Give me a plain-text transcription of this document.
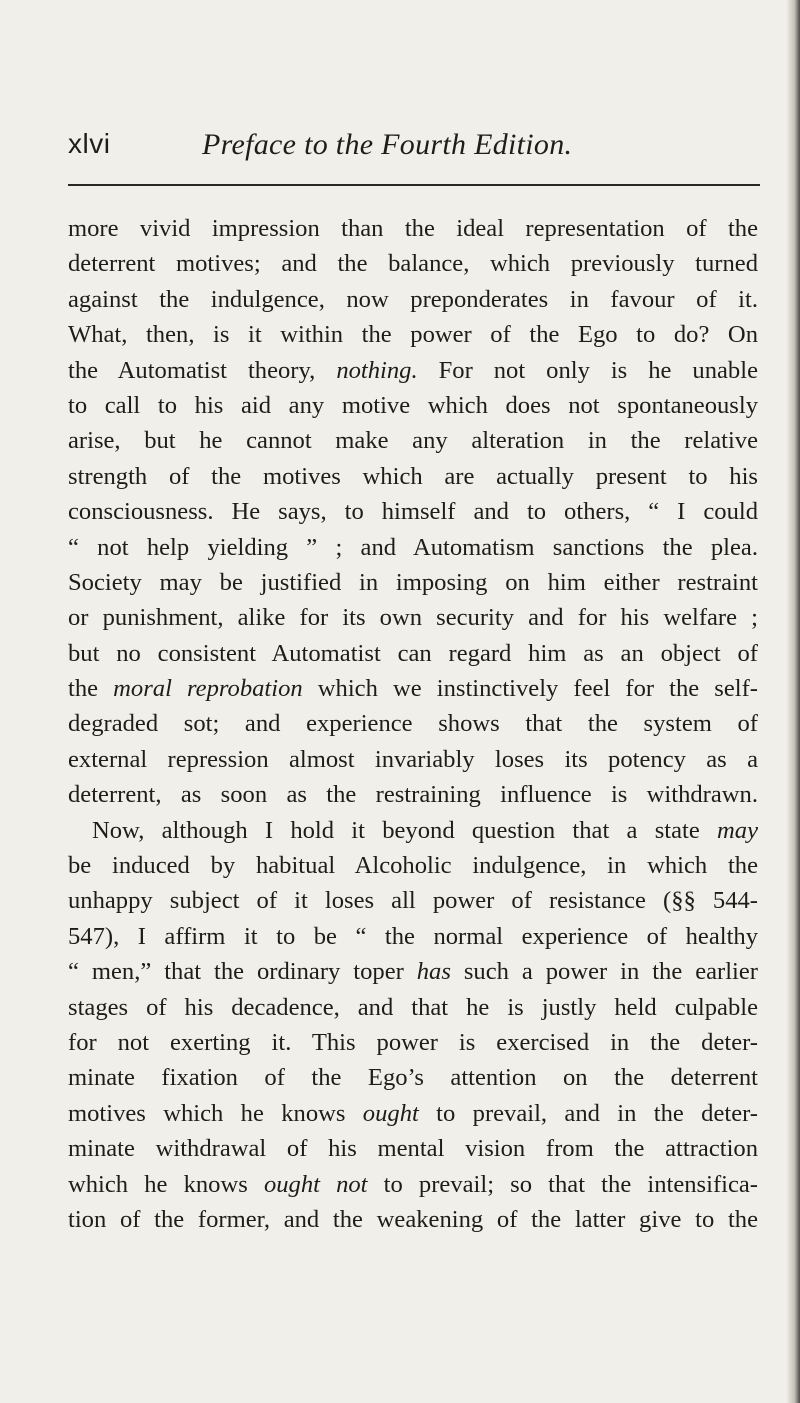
xlvi	Preface to the Fourth Edition.
more vivid impression than the ideal representation of the
deterrent motives; and the balance, which previously turned
against the indulgence, now preponderates in favour of it.
What, then, is it within the power of the Ego to do? On
the Automatist theory, nothing. For not only is he unable
to call to his aid any motive which does not spontaneously
arise, but he cannot make any alteration in the relative
strength of the motives which are actually present to his
consciousness. He says, to himself and to others, “ I could
“ not help yielding ” ; and Automatism sanctions the plea.
Society may be justified in imposing on him either restraint
or punishment, alike for its own security and for his welfare ;
but no consistent Automatist can regard him as an object of
the moral reprobation which we instinctively feel for the self-
degraded sot; and experience shows that the system of
external repression almost invariably loses its potency as a
deterrent, as soon as the restraining influence is withdrawn.
Now, although I hold it beyond question that a state may
be induced by habitual Alcoholic indulgence, in which the
unhappy subject of it loses all power of resistance (§§ 544-
547), I affirm it to be “ the normal experience of healthy
“ men,” that the ordinary toper has such a power in the earlier
stages of his decadence, and that he is justly held culpable
for not exerting it. This power is exercised in the deter-
minate fixation of the Ego’s attention on the deterrent
motives which he knows ought to prevail, and in the deter-
minate withdrawal of his mental vision from the attraction
which he knows ought not to prevail; so that the intensifica-
tion of the former, and the weakening of the latter give to the
